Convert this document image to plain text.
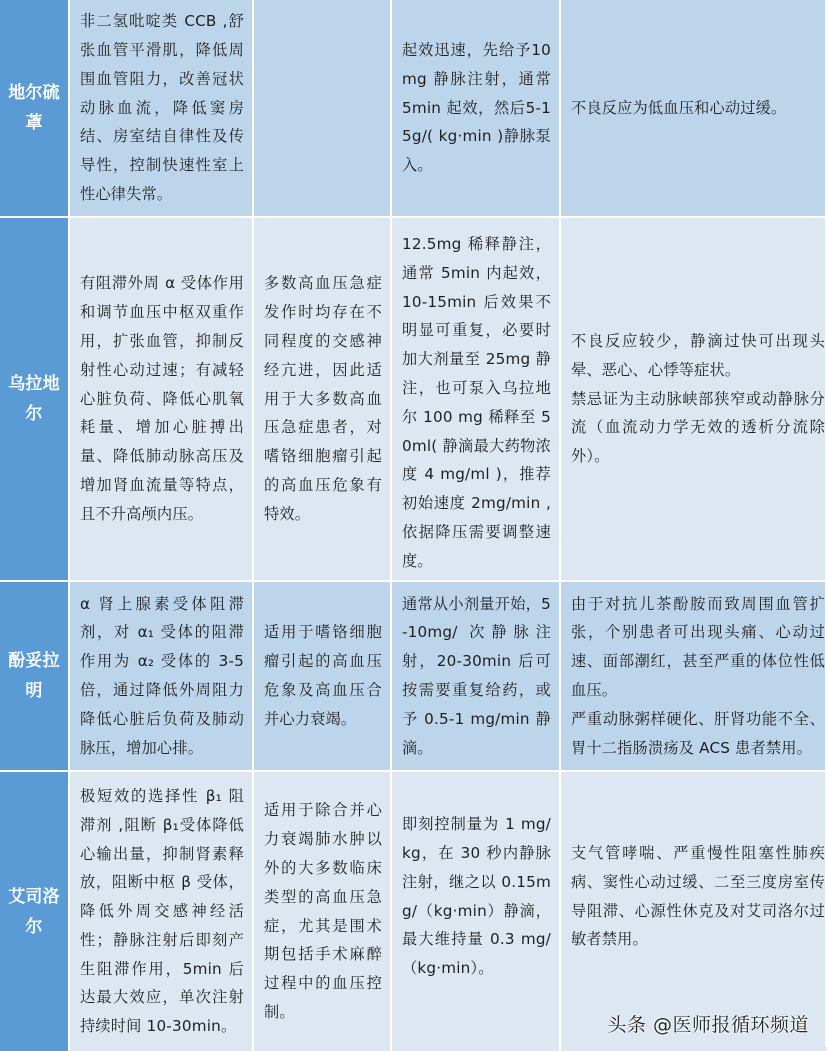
地尔硫䓬
非二氢吡啶类 CCB ,舒张血管平滑肌，降低周围血管阻力，改善冠状动脉血流，降低窦房结、房室结自律性及传导性，控制快速性室上性心律失常。
起效迅速，先给予10mg 静脉注射，通常 5min 起效，然后5-15g/( kg·min )静脉泵入。

不良反应为低血压和心动过缓。

乌拉地尔
有阻滞外周 α 受体作用和调节血压中枢双重作用，扩张血管，抑制反射性心动过速；有减轻心脏负荷、降低心肌氧耗量、增加心脏搏出量、降低肺动脉高压及增加肾血流量等特点，且不升高颅内压。
多数高血压急症发作时均存在不同程度的交感神经亢进，因此适用于大多数高血压急症患者，对嗜铬细胞瘤引起的高血压危象有特效。
12.5mg 稀释静注，通常 5min 内起效，10-15min 后效果不明显可重复，必要时加大剂量至 25mg 静注，也可泵入乌拉地尔 100 mg 稀释至 50ml( 静滴最大药物浓度 4 mg/ml )，推荐初始速度 2mg/min ,依据降压需要调整速度。

不良反应较少，静滴过快可出现头晕、恶心、心悸等症状。

禁忌证为主动脉峡部狭窄或动静脉分流（血流动力学无效的透析分流除外）。

酚妥拉明
α 肾上腺素受体阻滞剂，对 α₁ 受体的阻滞作用为 α₂ 受体的 3-5 倍，通过降低外周阻力降低心脏后负荷及肺动脉压，增加心排。
适用于嗜铬细胞瘤引起的高血压危象及高血压合并心力衰竭。
通常从小剂量开始，5-10mg/ 次静脉注射，20-30min 后可按需要重复给药，或予 0.5-1 mg/min 静滴。

由于对抗儿茶酚胺而致周围血管扩张，个别患者可出现头痛、心动过速、面部潮红，甚至严重的体位性低血压。

严重动脉粥样硬化、肝肾功能不全、胃十二指肠溃疡及 ACS 患者禁用。

艾司洛尔
极短效的选择性 β₁ 阻滞剂 ,阻断 β₁受体降低心输出量，抑制肾素释放，阻断中枢 β 受体，降低外周交感神经活性；静脉注射后即刻产生阻滞作用，5min 后达最大效应，单次注射持续时间 10-30min。
适用于除合并心力衰竭肺水肿以外的大多数临床类型的高血压急症，尤其是围术期包括手术麻醉过程中的血压控制。
即刻控制量为 1 mg/kg，在 30 秒内静脉注射，继之以 0.15mg/（kg·min）静滴，最大维持量 0.3 mg/（kg·min）。

支气管哮喘、严重慢性阻塞性肺疾病、窦性心动过缓、二至三度房室传导阻滞、心源性休克及对艾司洛尔过敏者禁用。

头条 @医师报循环频道
